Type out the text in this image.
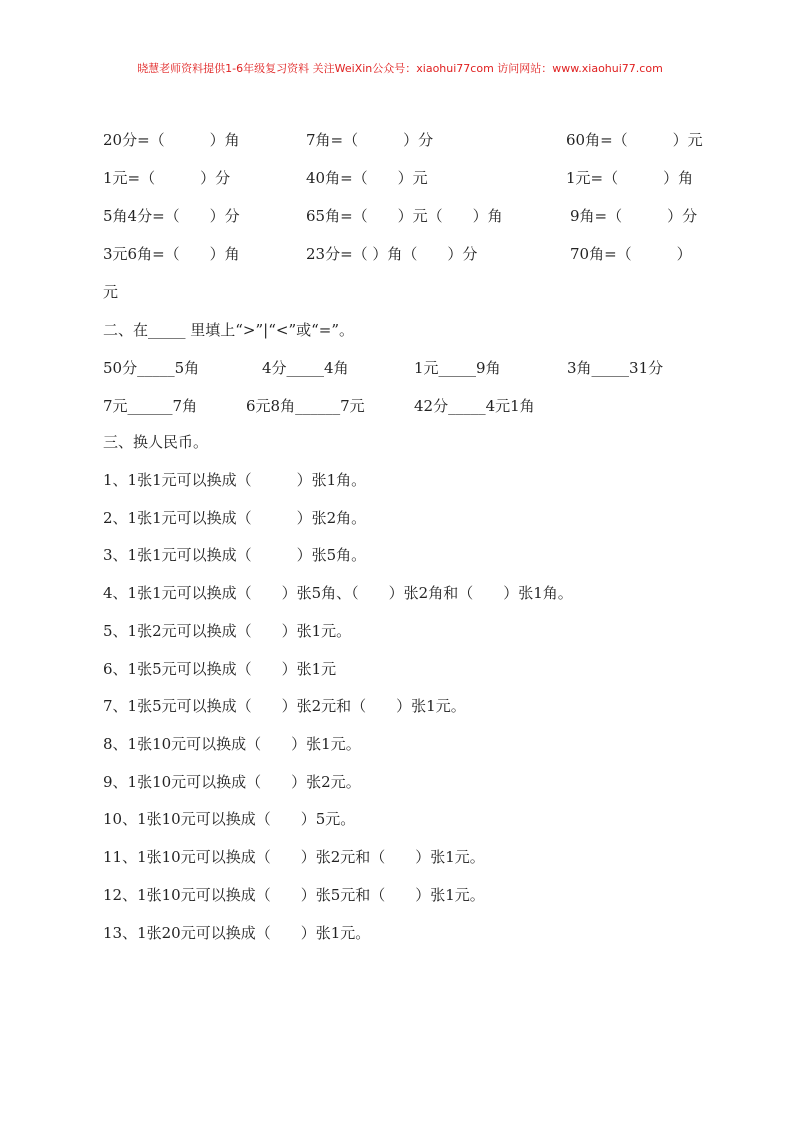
晓慧老师资料提供1-6年级复习资料 关注WeiXin公众号：xiaohui77com 访问网站：www.xiaohui77.com
20分=（　　　）角	7角=（　　　）分	60角=（　　　）元
1元=（　　　）分	40角=（　　）元	1元=（　　　）角
5角4分=（　　）分	65角=（　　）元（　　）角	9角=（　　　）分
3元6角=（　　）角	23分=（ ）角（　　）分	70角=（　　　）
元
二、在_____ 里填上“>”|“<”或“=”。
50分_____5角	4分_____4角	1元_____9角	3角_____31分
7元______7角	6元8角______7元	42分_____4元1角
三、换人民币。
1、1张1元可以换成（　　　）张1角。
2、1张1元可以换成（　　　）张2角。
3、1张1元可以换成（　　　）张5角。
4、1张1元可以换成（　　）张5角、（　　）张2角和（　　）张1角。
5、1张2元可以换成（　　）张1元。
6、1张5元可以换成（　　）张1元
7、1张5元可以换成（　　）张2元和（　　）张1元。
8、1张10元可以换成（　　）张1元。
9、1张10元可以换成（　　）张2元。
10、1张10元可以换成（　　）5元。
11、1张10元可以换成（　　）张2元和（　　）张1元。
12、1张10元可以换成（　　）张5元和（　　）张1元。
13、1张20元可以换成（　　）张1元。
